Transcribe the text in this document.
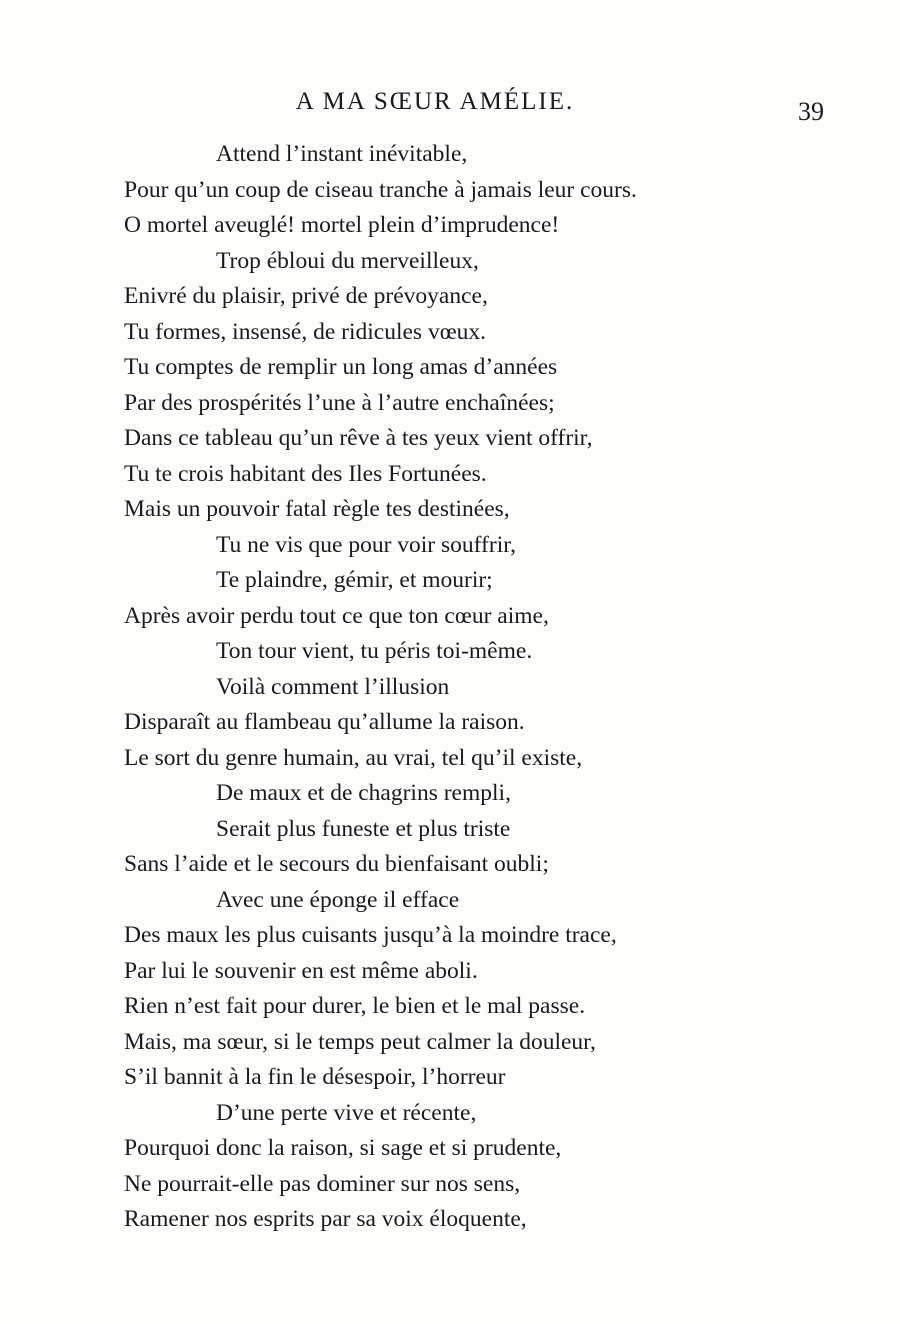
A MA SŒUR AMÉLIE.	39
Attend l’instant inévitable,
Pour qu’un coup de ciseau tranche à jamais leur cours.
O mortel aveuglé! mortel plein d’imprudence!
Trop ébloui du merveilleux,
Enivré du plaisir, privé de prévoyance,
Tu formes, insensé, de ridicules vœux.
Tu comptes de remplir un long amas d’années
Par des prospérités l’une à l’autre enchaînées;
Dans ce tableau qu’un rêve à tes yeux vient offrir,
Tu te crois habitant des Iles Fortunées.
Mais un pouvoir fatal règle tes destinées,
Tu ne vis que pour voir souffrir,
Te plaindre, gémir, et mourir;
Après avoir perdu tout ce que ton cœur aime,
Ton tour vient, tu péris toi-même.
Voilà comment l’illusion
Disparaît au flambeau qu’allume la raison.
Le sort du genre humain, au vrai, tel qu’il existe,
De maux et de chagrins rempli,
Serait plus funeste et plus triste
Sans l’aide et le secours du bienfaisant oubli;
Avec une éponge il efface
Des maux les plus cuisants jusqu’à la moindre trace,
Par lui le souvenir en est même aboli.
Rien n’est fait pour durer, le bien et le mal passe.
Mais, ma sœur, si le temps peut calmer la douleur,
S’il bannit à la fin le désespoir, l’horreur
D’une perte vive et récente,
Pourquoi donc la raison, si sage et si prudente,
Ne pourrait-elle pas dominer sur nos sens,
Ramener nos esprits par sa voix éloquente,
